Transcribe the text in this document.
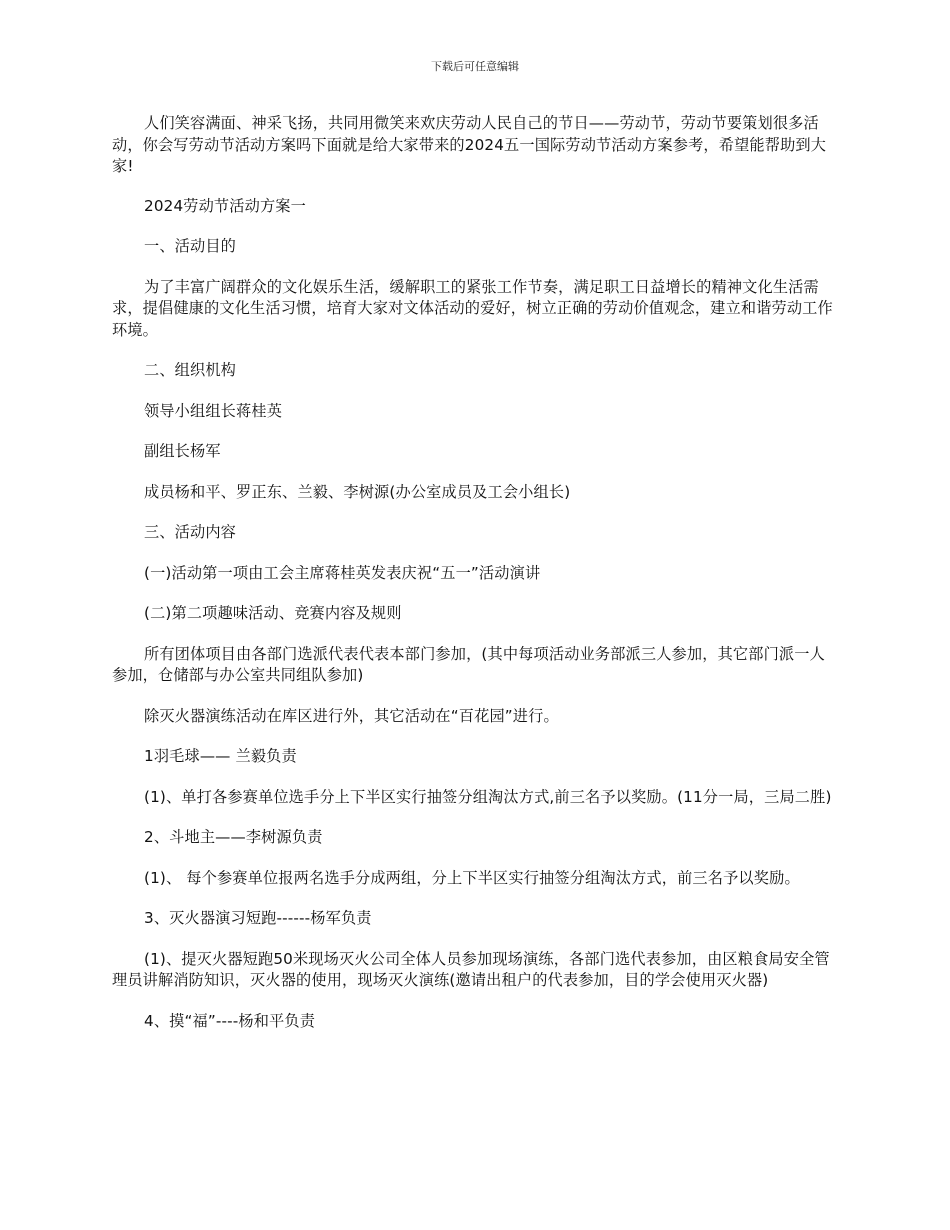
下载后可任意编辑

人们笑容满面、神采飞扬，共同用微笑来欢庆劳动人民自己的节日——劳动节，劳动节要策划很多活动，你会写劳动节活动方案吗下面就是给大家带来的2024五一国际劳动节活动方案参考，希望能帮助到大家!

2024劳动节活动方案一

一、活动目的

为了丰富广阔群众的文化娱乐生活，缓解职工的紧张工作节奏，满足职工日益增长的精神文化生活需求，提倡健康的文化生活习惯，培育大家对文体活动的爱好，树立正确的劳动价值观念，建立和谐劳动工作环境。

二、组织机构

领导小组组长蒋桂英

副组长杨军

成员杨和平、罗正东、兰毅、李树源(办公室成员及工会小组长)

三、活动内容

(一)活动第一项由工会主席蒋桂英发表庆祝“五一”活动演讲

(二)第二项趣味活动、竞赛内容及规则

所有团体项目由各部门选派代表代表本部门参加，(其中每项活动业务部派三人参加，其它部门派一人参加，仓储部与办公室共同组队参加)

除灭火器演练活动在库区进行外，其它活动在“百花园”进行。

1羽毛球—— 兰毅负责

(1)、单打各参赛单位选手分上下半区实行抽签分组淘汰方式,前三名予以奖励。(11分一局，三局二胜)

2、斗地主——李树源负责

(1)、 每个参赛单位报两名选手分成两组，分上下半区实行抽签分组淘汰方式，前三名予以奖励。

3、灭火器演习短跑------杨军负责

(1)、提灭火器短跑50米现场灭火公司全体人员参加现场演练，各部门选代表参加，由区粮食局安全管理员讲解消防知识，灭火器的使用，现场灭火演练(邀请出租户的代表参加，目的学会使用灭火器)

4、摸“福”----杨和平负责
